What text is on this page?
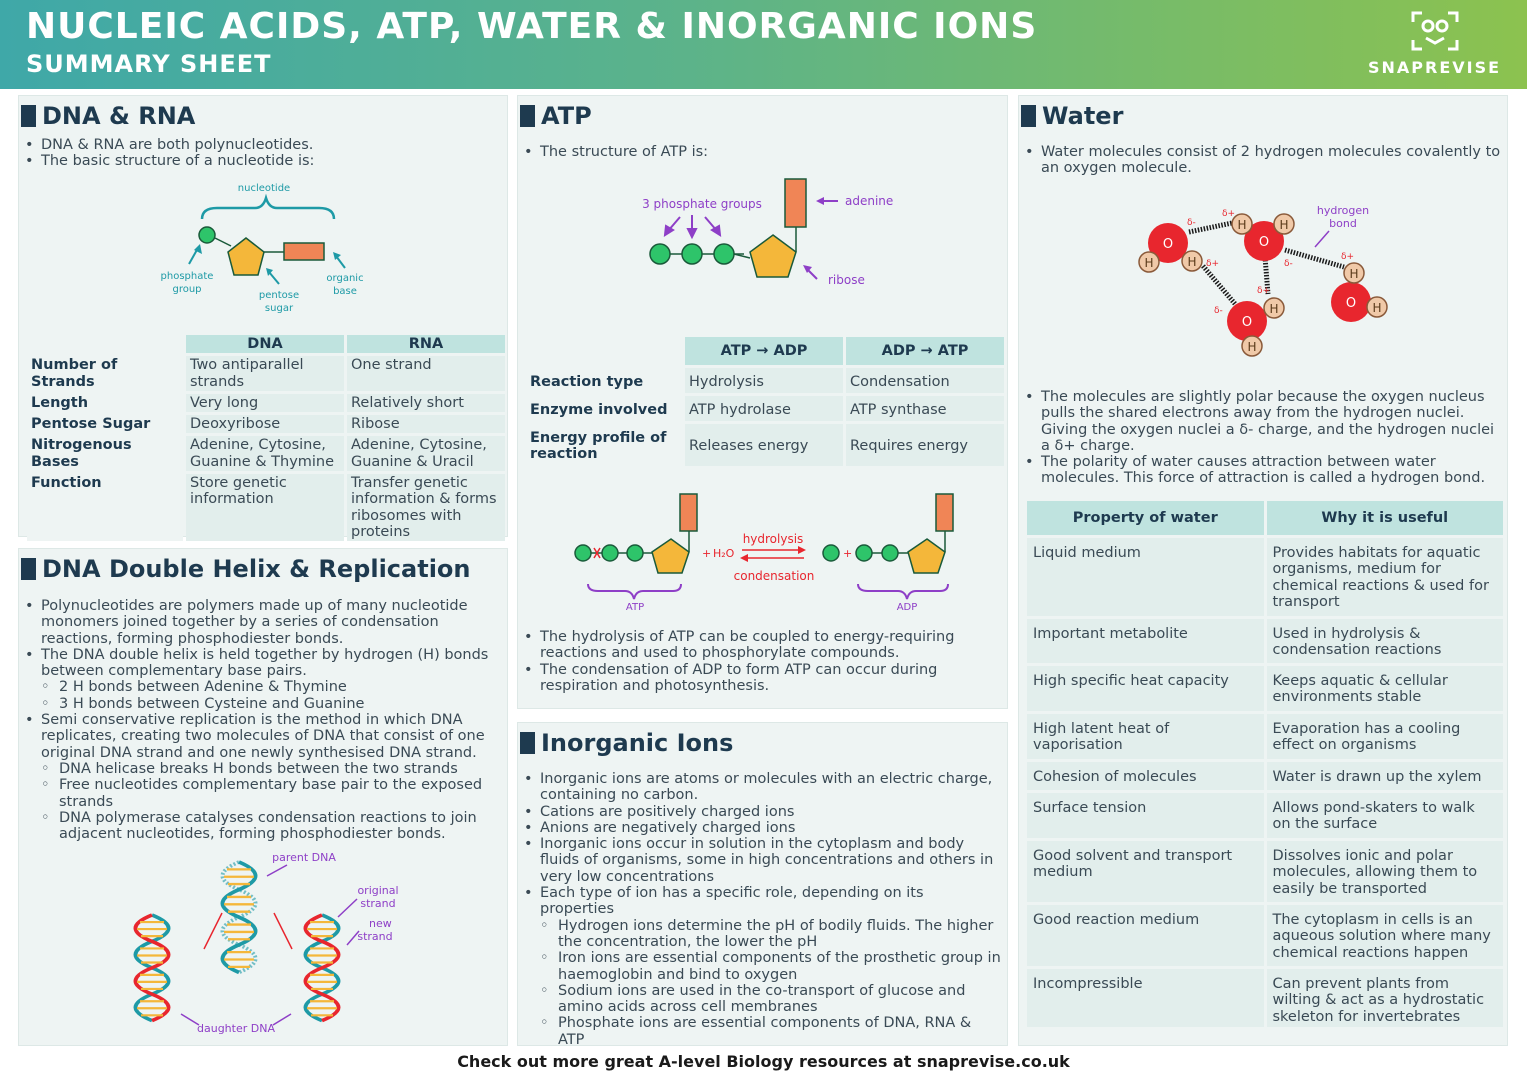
NUCLEIC ACIDS, ATP, WATER & INORGANIC IONS
SUMMARY SHEET	SNAPREVISE
DNA & RNA
• DNA & RNA are both polynucleotides.
• The basic structure of a nucleotide is:
nucleotide
phosphate
group
pentose
sugar
organic
base
	DNA	RNA
Number of Strands	Two antiparallel strands	One strand
Length	Very long	Relatively short
Pentose Sugar	Deoxyribose	Ribose
Nitrogenous Bases	Adenine, Cytosine, Guanine & Thymine	Adenine, Cytosine, Guanine & Uracil
Function	Store genetic information	Transfer genetic information & forms ribosomes with proteins
DNA Double Helix & Replication
• Polynucleotides are polymers made up of many nucleotide monomers joined together by a series of condensation reactions, forming phosphodiester bonds.
• The DNA double helix is held together by hydrogen (H) bonds between complementary base pairs.
◦ 2 H bonds between Adenine & Thymine
◦ 3 H bonds between Cysteine and Guanine
• Semi conservative replication is the method in which DNA replicates, creating two molecules of DNA that consist of one original DNA strand and one newly synthesised DNA strand.
◦ DNA helicase breaks H bonds between the two strands
◦ Free nucleotides complementary base pair to the exposed strands
◦ DNA polymerase catalyses condensation reactions to join adjacent nucleotides, forming phosphodiester bonds.
parent DNA
original
strand
new
strand
daughter DNA
ATP
• The structure of ATP is:
3 phosphate groups	adenine
ribose
	ATP → ADP	ADP → ATP
Reaction type	Hydrolysis	Condensation
Enzyme involved	ATP hydrolase	ATP synthase
Energy profile of reaction	Releases energy	Requires energy
ATP
+ H₂O
hydrolysis
condensation
+
ADP
• The hydrolysis of ATP can be coupled to energy-requiring reactions and used to phosphorylate compounds.
• The condensation of ADP to form ATP can occur during respiration and photosynthesis.
Inorganic Ions
• Inorganic ions are atoms or molecules with an electric charge, containing no carbon.
• Cations are positively charged ions
• Anions are negatively charged ions
• Inorganic ions occur in solution in the cytoplasm and body fluids of organisms, some in high concentrations and others in very low concentrations
• Each type of ion has a specific role, depending on its properties
◦ Hydrogen ions determine the pH of bodily fluids. The higher the concentration, the lower the pH
◦ Iron ions are essential components of the prosthetic group in haemoglobin and bind to oxygen
◦ Sodium ions are used in the co-transport of glucose and amino acids across cell membranes
◦ Phosphate ions are essential components of DNA, RNA & ATP
Water
• Water molecules consist of 2 hydrogen molecules covalently to an oxygen molecule.
O
H	H
δ-
δ+
O
H	H
δ+
δ-
O
H
H
δ+
O
H
H
δ+
δ-
hydrogen
bond
• The molecules are slightly polar because the oxygen nucleus pulls the shared electrons away from the hydrogen nuclei. Giving the oxygen nuclei a δ- charge, and the hydrogen nuclei a δ+ charge.
• The polarity of water causes attraction between water molecules. This force of attraction is called a hydrogen bond.
Property of water	Why it is useful
Liquid medium	Provides habitats for aquatic organisms, medium for chemical reactions & used for transport
Important metabolite	Used in hydrolysis & condensation reactions
High specific heat capacity	Keeps aquatic & cellular environments stable
High latent heat of vaporisation	Evaporation has a cooling effect on organisms
Cohesion of molecules	Water is drawn up the xylem
Surface tension	Allows pond-skaters to walk on the surface
Good solvent and transport medium	Dissolves ionic and polar molecules, allowing them to easily be transported
Good reaction medium	The cytoplasm in cells is an aqueous solution where many chemical reactions happen
Incompressible	Can prevent plants from wilting & act as a hydrostatic skeleton for invertebrates
Check out more great A-level Biology resources at snaprevise.co.uk
